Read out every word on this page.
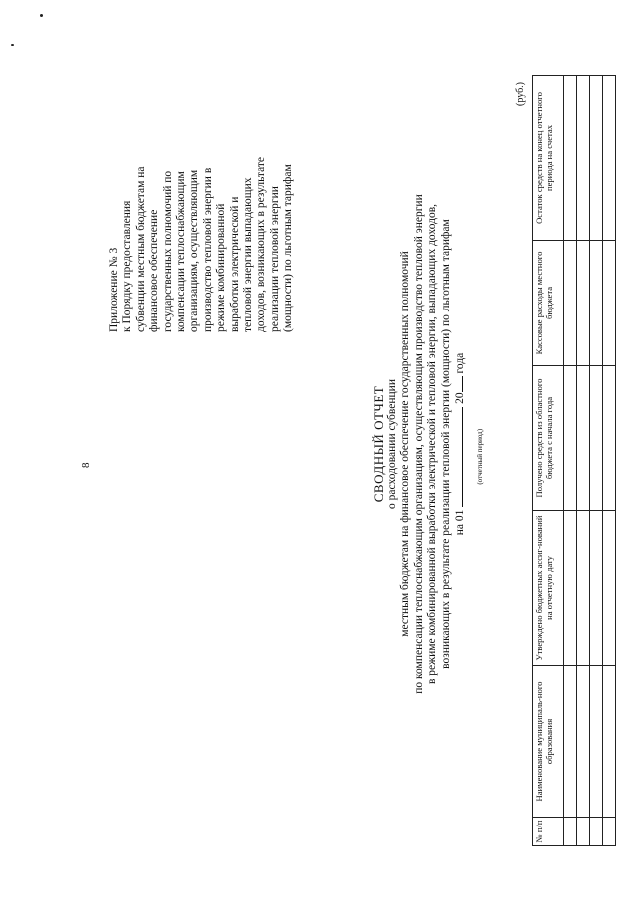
8
Приложение № 3 к Порядку предоставления субвенции местным бюджетам на финансовое обеспечение государственных полномочий по компенсации теплоснабжающим организациям, осуществляющим производство тепловой энергии в режиме комбинированной выработки электрической и тепловой энергии выпадающих доходов, возникающих в результате реализации тепловой энергии (мощности) по льготным тарифам
СВОДНЫЙ ОТЧЕТ о расходовании субвенции местным бюджетам на финансовое обеспечение государственных полномочий по компенсации теплоснабжающим организациям, осуществляющим производство тепловой энергии в режиме комбинированной выработки электрической и тепловой энергии, выпадающих доходов, возникающих в результате реализации тепловой энергии (мощности) по льготным тарифам на 01
(отчетный период)
20 года
(руб.)
№ п/п	Наименование муниципаль-ного образования	Утверждено бюджетных ассиг-нований на отчетную дату	Получено средств из областного бюджета с начала года	Кассовые расходы местного бюджета	Остаток средств на конец отчетного периода на счетах
